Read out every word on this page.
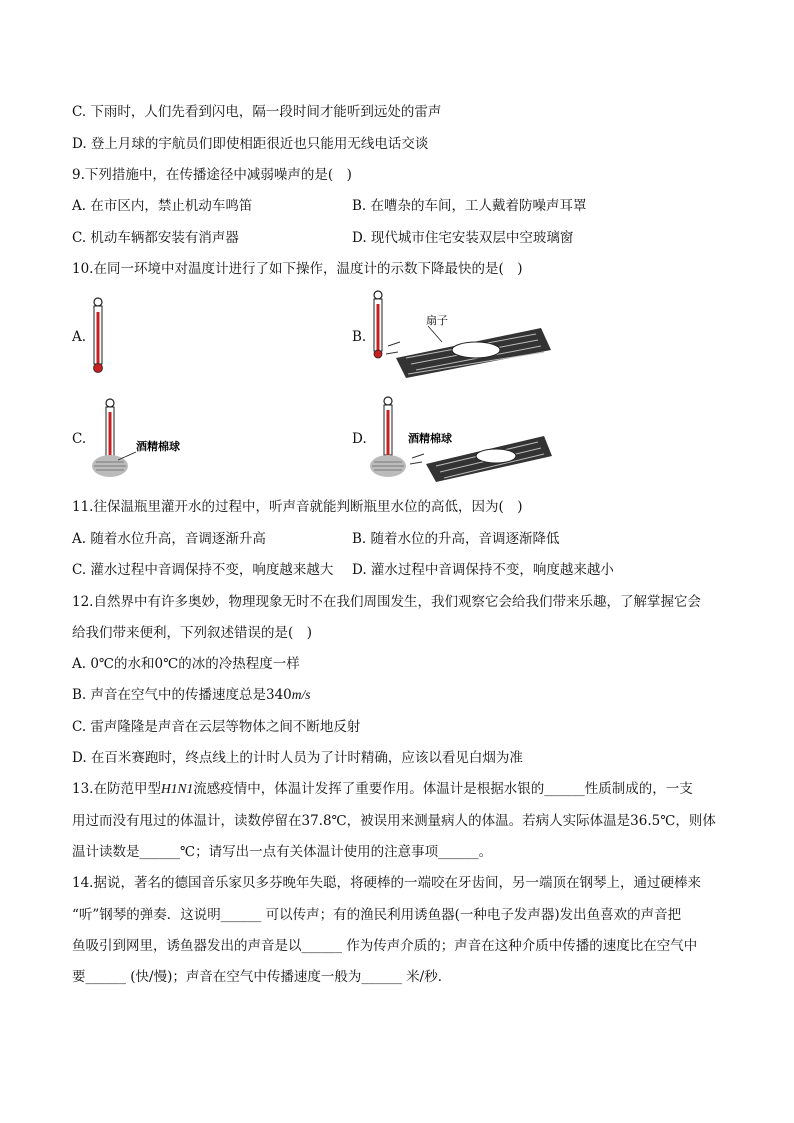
C. 下雨时，人们先看到闪电，隔一段时间才能听到远处的雷声
D. 登上月球的宇航员们即使相距很近也只能用无线电话交谈
9.下列措施中，在传播途径中减弱噪声的是(　)
A. 在市区内，禁止机动车鸣笛	B. 在嘈杂的车间，工人戴着防噪声耳罩
C. 机动车辆都安装有消声器	D. 现代城市住宅安装双层中空玻璃窗
10.在同一环境中对温度计进行了如下操作，温度计的示数下降最快的是(　)
A.	B.
扇子
C.	酒精棉球	D.	酒精棉球
11.往保温瓶里灌开水的过程中，听声音就能判断瓶里水位的高低，因为(　)
A. 随着水位升高，音调逐渐升高	B. 随着水位的升高，音调逐渐降低
C. 灌水过程中音调保持不变，响度越来越大 D. 灌水过程中音调保持不变，响度越来越小
12.自然界中有许多奥妙，物理现象无时不在我们周围发生，我们观察它会给我们带来乐趣，了解掌握它会
给我们带来便利，下列叙述错误的是(　)
A. 0℃的水和0℃的冰的冷热程度一样
B. 声音在空气中的传播速度总是340m/s
C. 雷声隆隆是声音在云层等物体之间不断地反射
D. 在百米赛跑时，终点线上的计时人员为了计时精确，应该以看见白烟为准
13.在防范甲型H1N1流感疫情中，体温计发挥了重要作用。体温计是根据水银的______性质制成的，一支
用过而没有甩过的体温计，读数停留在37.8℃，被误用来测量病人的体温。若病人实际体温是36.5℃，则体
温计读数是______℃；请写出一点有关体温计使用的注意事项______。
14.据说，著名的德国音乐家贝多芬晚年失聪，将硬棒的一端咬在牙齿间，另一端顶在钢琴上，通过硬棒来
“听”钢琴的弹奏．这说明______ 可以传声；有的渔民利用诱鱼器(一种电子发声器)发出鱼喜欢的声音把
鱼吸引到网里，诱鱼器发出的声音是以______ 作为传声介质的；声音在这种介质中传播的速度比在空气中
要______ (快/慢)；声音在空气中传播速度一般为______ 米/秒．
